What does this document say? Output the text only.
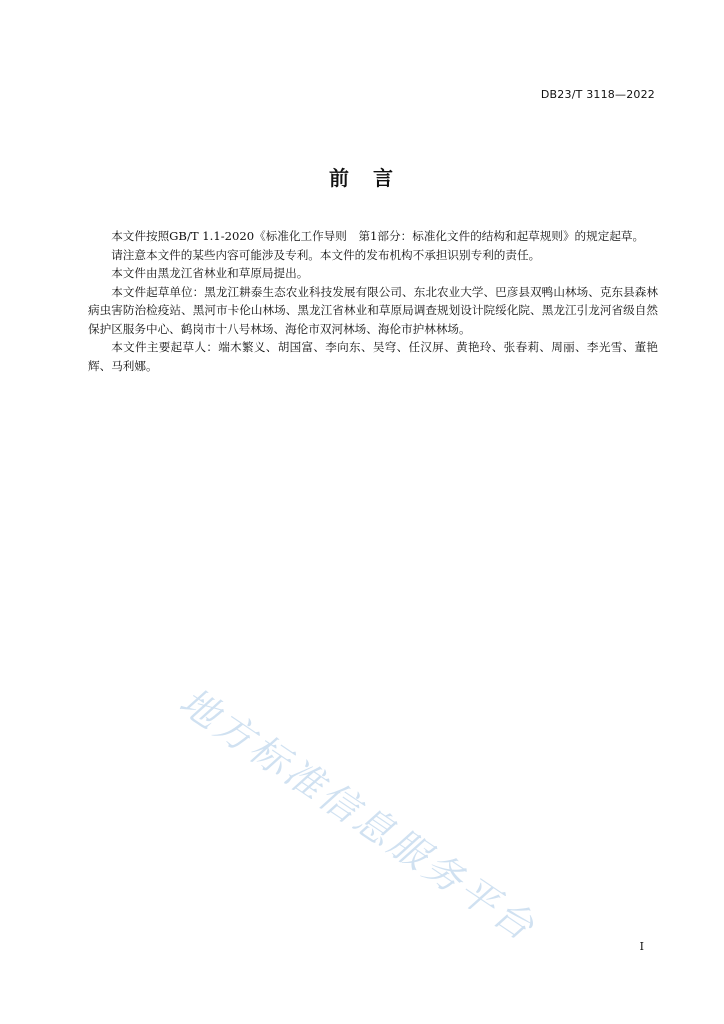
DB23/T 3118—2022
前　言

本文件按照GB/T 1.1-2020《标准化工作导则　第1部分：标准化文件的结构和起草规则》的规定起草。

请注意本文件的某些内容可能涉及专利。本文件的发布机构不承担识别专利的责任。

本文件由黑龙江省林业和草原局提出。

本文件起草单位：黑龙江耕泰生态农业科技发展有限公司、东北农业大学、巴彦县双鸭山林场、克东县森林病虫害防治检疫站、黑河市卡伦山林场、黑龙江省林业和草原局调查规划设计院绥化院、黑龙江引龙河省级自然保护区服务中心、鹤岗市十八号林场、海伦市双河林场、海伦市护林林场。

本文件主要起草人：端木繁义、胡国富、李向东、吴穹、任汉屏、黄艳玲、张春莉、周丽、李光雪、董艳辉、马利娜。

地方标准信息服务平台	I
